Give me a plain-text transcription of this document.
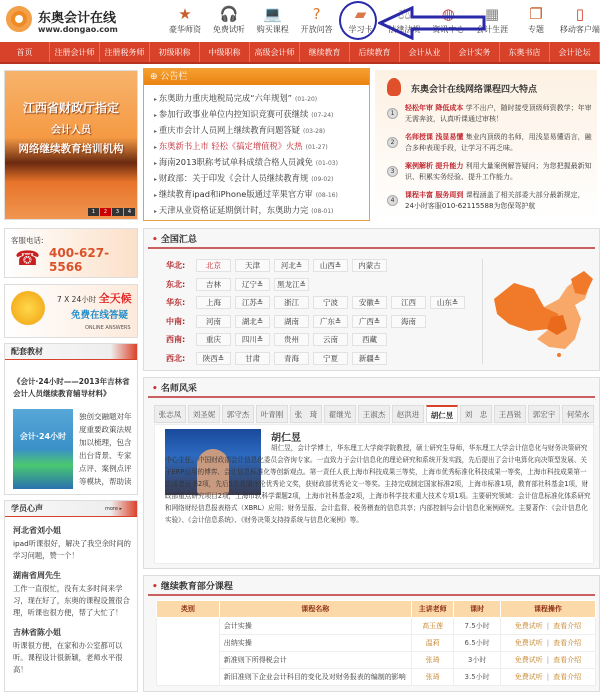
东奥会计在线
www.dongao.com
★
豪华师资
🎧
免费试听
💻
购买课程
?
开放问答
▰
学习卡
⚖
法律法规
◍
资讯中心
▦
会计生涯
❐
专题
▯
移动客户端
首页	注册会计师	注册税务师	初级职称	中级职称	高级会计师	继续教育	后续教育	会计从业	会计实务	东奥书店	会计论坛
江西省财政厅指定
会计人员
网络继续教育培训机构
1	2	3	4
客服电话:
☎ 400-627-5566
7 X 24小时 全天候
免费在线答疑
ONLINE ANSWERS
配套教材
《会计·24小时——2013年吉林省会计人员继续教育辅导材料》
会计·24小时
独创交融题对年度重要政策法规加以梳理，包含出台背景、专家点评、案例点评等模块，帮助读
学员心声	more ▸
河北省刘小姐
ipad听课很好，解决了我空余时间的学习问题，赞一个！
湖南省周先生
工作一直很忙，没有太多时间来学习，现在好了，东奥的课程设置很合理，听课也很方便，帮了大忙了！
吉林省陈小姐
听课很方便，在家和办公室都可以听。课程设计很新颖，老师水平很高！
⊕ 公告栏
▸ 东奥助力重庆地税局完成“六年规划” (01-20)
▸ 参加行政事业单位内控知识竞赛可获继续 (07-24)
▸ 重庆市会计人员网上继续教育问题答疑 (03-28)
▸ 东奥新书上市 轻松《搞定增值税》火热 (01-27)
▸ 海南2013职称考试单科成绩合格人员减免 (01-03)
▸ 财政部：关于印发《会计人员继续教育规 (09-02)
▸ 继续教育ipad和iPhone版通过苹果官方审 (08-16)
▸ 天津从业资格证延期倒计时，东奥助力完 (08-01)
东奥会计在线网络课程四大特点
1
轻松年审 降低成本 学不出户，随时接受顶级师资教学；年审无需奔波，认真听课通过审核！
2
名师授课 浅显易懂 集业内顶级的名师，用浅显易懂语言，融合多种表现手段，让学习不再乏味。
3
案例解析 提升能力 利用大量案例解答疑问；为您把握最新知识、积累实务经验、提升工作能力。
4
课程丰富 服务周到 课程涵盖了相关部委大部分最新规定，24小时客服010-62115588为您保驾护航
• 全国汇总
华北:	北京	天津	河北≚	山西≚	内蒙古
东北:	吉林	辽宁≚	黑龙江≚
华东:	上海	江苏≚	浙江	宁波	安徽≚	江西	山东≚
中南:	河南	湖北≚	湖南	广东≚	广西≚	海南
西南:	重庆	四川≚	贵州	云南	西藏
西北:	陕西≚	甘肃	青海	宁夏	新疆≚
• 名师风采
张志凤	刘圣妮	郭守杰	叶青刚	张　琦	翟继光	王淑杰	赵洪进	胡仁昱	刘　忠	王昌锐	郭宏宇	何荣水
胡仁昱
胡仁昱，会计学博士，华东理工大学商学院教授，硕士研究生导师，华东理工大学会计信息化与财务决策研究中心主任。中国财政部会计信息化委员会咨询专家。一直致力于会计信息化的理论研究和系统开发实践，先后提出了会计电算化向决策型发展、关于ERP应用的博弈、会计信息标准化等创新观点。第一责任人获上海市科技成果三等奖，上海市优秀标准化科技成果一等奖，上海市科技成果第一完成者证书2项，先后5次获潘序伦优秀论文奖，获财政部优秀论文一等奖。主持完成制定国家标准2项，上海市标准1项，教育部社科基金1项，财政部重点研究项目2项，上海市软科学课题2项，上海市社科基金2项，上海市科学技术重大技术专项1项。主要研究领域：会计信息标准化体系研究和网络财经信息报表格式（XBRL）应用；财务呈报、会计监督、税务稽查的信息共享；内部控制与会计信息化案例研究。主要著作：《会计信息化实验》、《会计信息系统》、《财务决策支持持系统与信息化案例》等。
• 继续教育部分课程
类别	课程名称	主讲老师	课时	课程操作
	会计实操	高玉莲	7.5小时	免费试听 | 查看介绍
	出纳实操	温莉	6.5小时	免费试听 | 查看介绍
	新准则下所得税会计	张琦	3小时	免费试听 | 查看介绍
	新旧准则下企业会计科目的变化及对财务报表的编制的影响	张琦	3.5小时	免费试听 | 查看介绍
